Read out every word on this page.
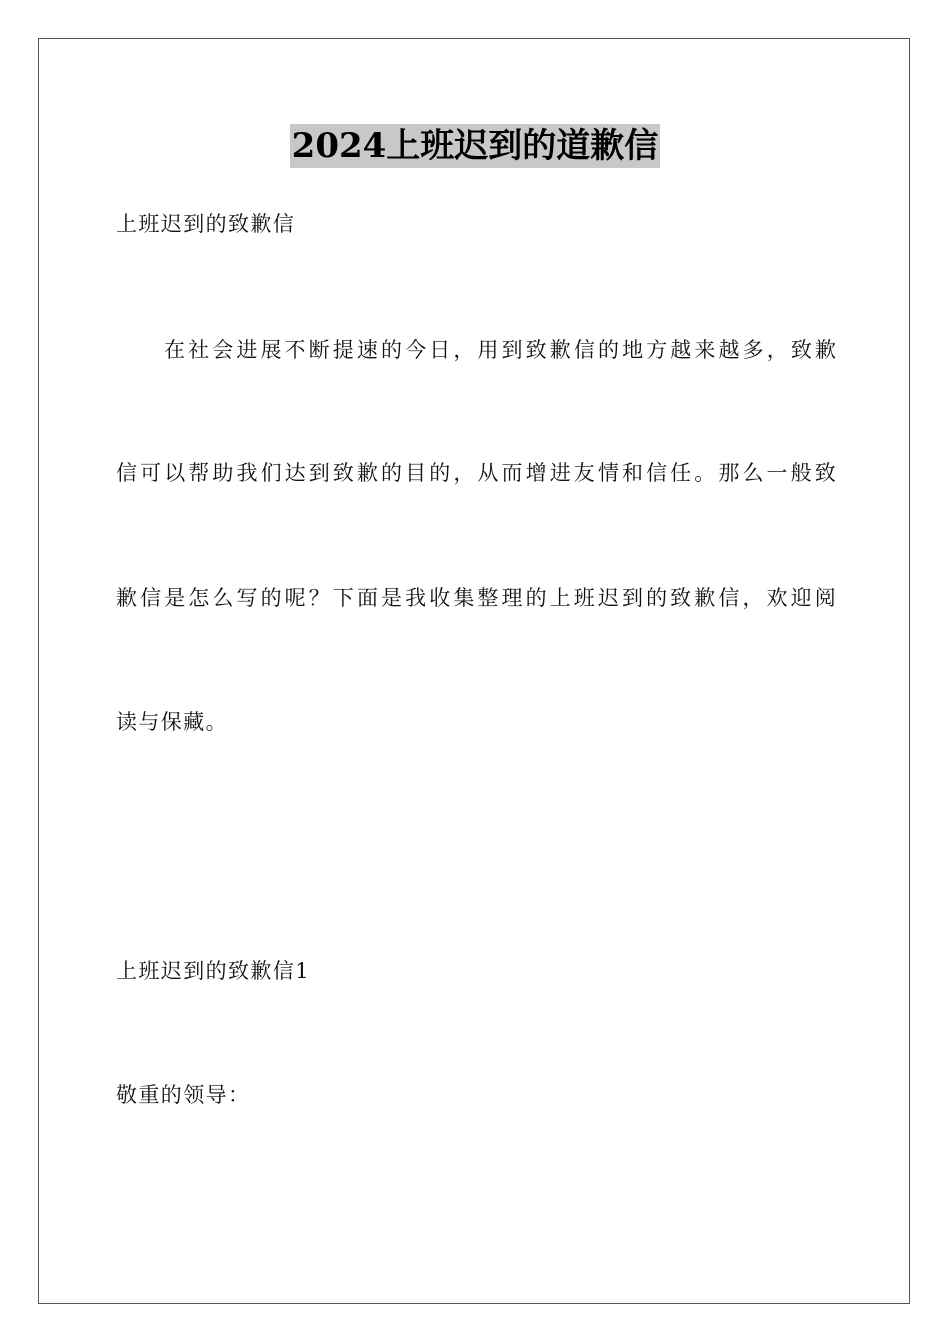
2024上班迟到的道歉信
上班迟到的致歉信
在 社 会 进 展 不 断 提 速 的 今 日 ， 用 到 致 歉 信 的 地 方 越 来 越 多 ， 致 歉
信 可 以 帮 助 我 们 达 到 致 歉 的 目 的 ， 从 而 增 进 友 情 和 信 任 。 那 么 一 般 致
歉 信 是 怎 么 写 的 呢 ？ 下 面 是 我 收 集 整 理 的 上 班 迟 到 的 致 歉 信 ， 欢 迎 阅
读与保藏。
上班迟到的致歉信1
敬重的领导：
